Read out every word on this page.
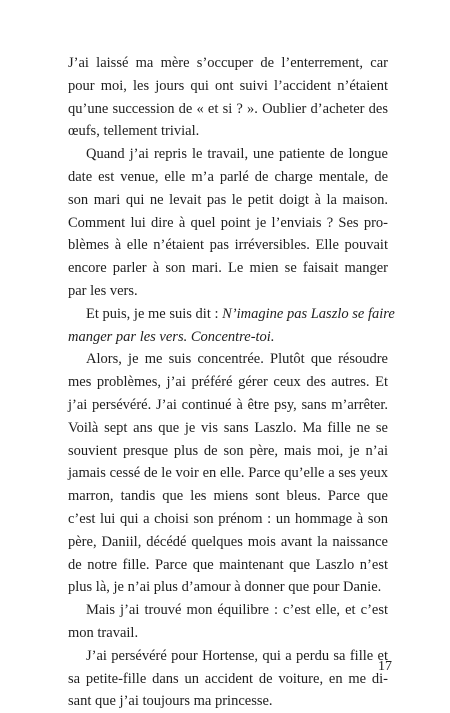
J’ai laissé ma mère s’occuper de l’enterrement, car
pour moi, les jours qui ont suivi l’accident n’étaient
qu’une succession de « et si ? ». Oublier d’acheter des
œufs, tellement trivial.
Quand j’ai repris le travail, une patiente de longue
date est venue, elle m’a parlé de charge mentale, de
son mari qui ne levait pas le petit doigt à la maison.
Comment lui dire à quel point je l’enviais ? Ses pro-
blèmes à elle n’étaient pas irréversibles. Elle pouvait
encore parler à son mari. Le mien se faisait manger
par les vers.
Et puis, je me suis dit : N’imagine pas Laszlo se faire
manger par les vers. Concentre-toi.
Alors, je me suis concentrée. Plutôt que résoudre
mes problèmes, j’ai préféré gérer ceux des autres. Et
j’ai persévéré. J’ai continué à être psy, sans m’arrêter.
Voilà sept ans que je vis sans Laszlo. Ma fille ne se
souvient presque plus de son père, mais moi, je n’ai
jamais cessé de le voir en elle. Parce qu’elle a ses yeux
marron, tandis que les miens sont bleus. Parce que
c’est lui qui a choisi son prénom : un hommage à son
père, Daniil, décédé quelques mois avant la naissance
de notre fille. Parce que maintenant que Laszlo n’est
plus là, je n’ai plus d’amour à donner que pour Danie.
Mais j’ai trouvé mon équilibre : c’est elle, et c’est
mon travail.
J’ai persévéré pour Hortense, qui a perdu sa fille et
sa petite-fille dans un accident de voiture, en me di-
sant que j’ai toujours ma princesse.
17
